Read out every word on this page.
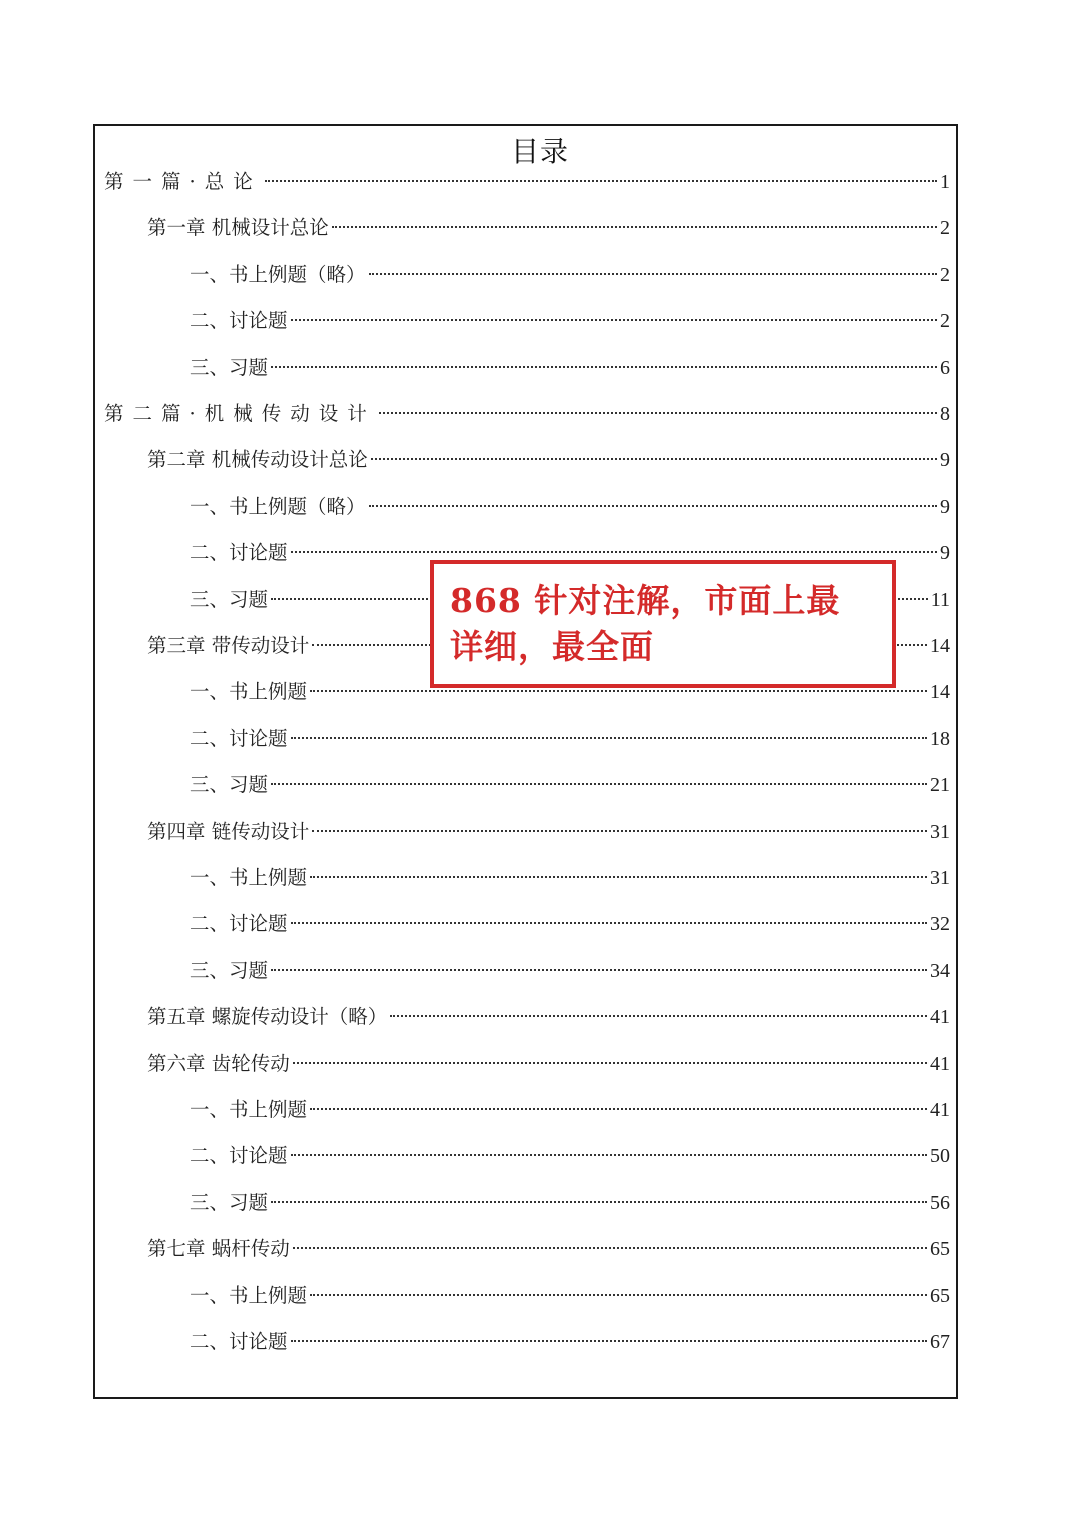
目录
第一篇·总论	1
第一章 机械设计总论	2
一、书上例题（略）	2
二、讨论题	2
三、习题	6
第二篇·机械传动设计	8
第二章 机械传动设计总论	9
一、书上例题（略）	9
二、讨论题	9
三、习题	11
第三章 带传动设计	14
一、书上例题	14
二、讨论题	18
三、习题	21
第四章 链传动设计	31
一、书上例题	31
二、讨论题	32
三、习题	34
第五章 螺旋传动设计（略）	41
第六章 齿轮传动	41
一、书上例题	41
二、讨论题	50
三、习题	56
第七章 蜗杆传动	65
一、书上例题	65
二、讨论题	67
868 针对注解，市面上最
详细，最全面
